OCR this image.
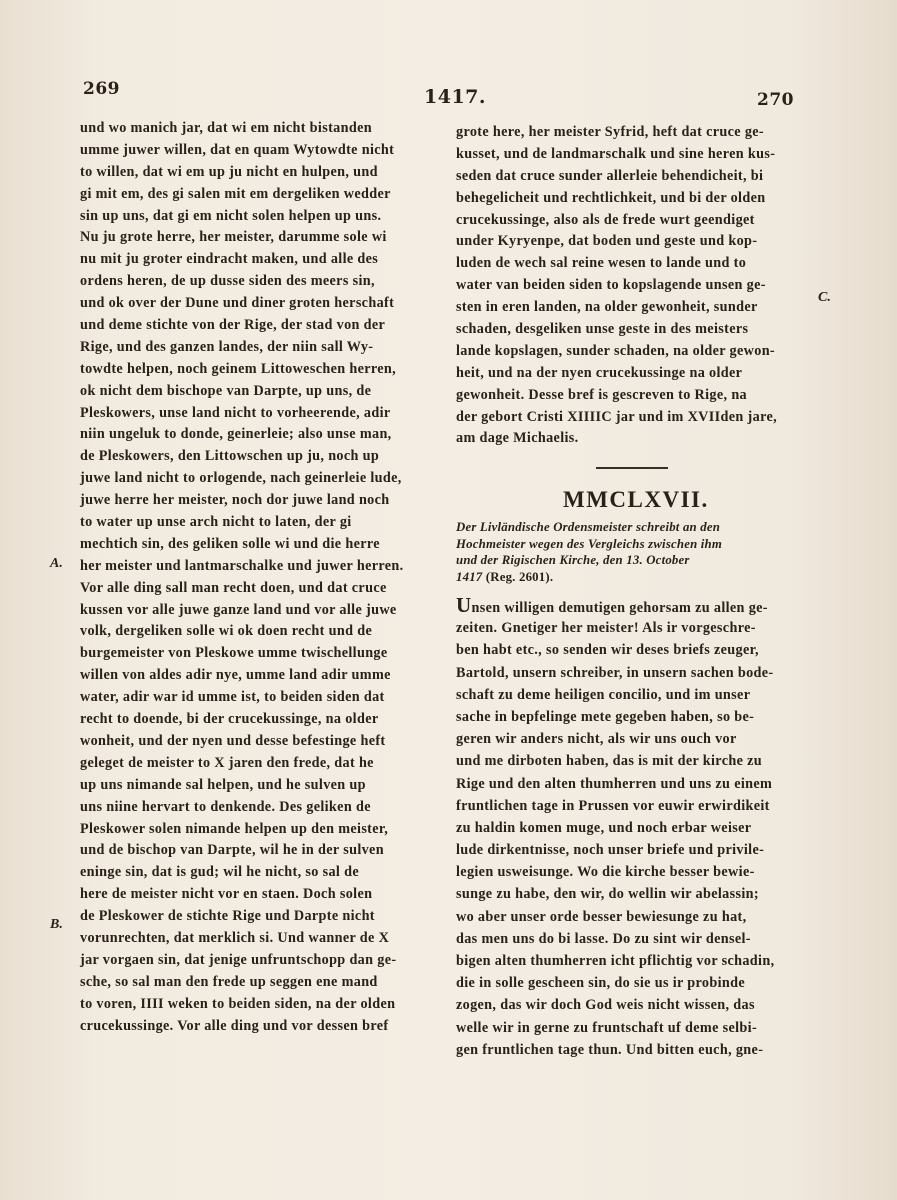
269	1417.	270
und wo manich jar, dat wi em nicht bistanden
umme juwer willen, dat en quam Wytowdte nicht
to willen, dat wi em up ju nicht en hulpen, und
gi mit em, des gi salen mit em dergeliken wedder
sin up uns, dat gi em nicht solen helpen up uns.
Nu ju grote herre, her meister, darumme sole wi
nu mit ju groter eindracht maken, und alle des
ordens heren, de up dusse siden des meers sin,
und ok over der Dune und diner groten herschaft
und deme stichte von der Rige, der stad von der
Rige, und des ganzen landes, der niin sall Wy-
towdte helpen, noch geinem Littoweschen herren,
ok nicht dem bischope van Darpte, up uns, de
Pleskowers, unse land nicht to vorheerende, adir
niin ungeluk to donde, geinerleie; also unse man,
de Pleskowers, den Littowschen up ju, noch up
juwe land nicht to orlogende, nach geinerleie lude,
juwe herre her meister, noch dor juwe land noch
to water up unse arch nicht to laten, der gi
mechtich sin, des geliken solle wi und die herre
her meister und lantmarschalke und juwer herren.
Vor alle ding sall man recht doen, und dat cruce
kussen vor alle juwe ganze land und vor alle juwe
volk, dergeliken solle wi ok doen recht und de
burgemeister von Pleskowe umme twischellunge
willen von aldes adir nye, umme land adir umme
water, adir war id umme ist, to beiden siden dat
recht to doende, bi der crucekussinge, na older
wonheit, und der nyen und desse befestinge heft
geleget de meister to X jaren den frede, dat he
up uns nimande sal helpen, und he sulven up
uns niine hervart to denkende. Des geliken de
Pleskower solen nimande helpen up den meister,
und de bischop van Darpte, wil he in der sulven
eninge sin, dat is gud; wil he nicht, so sal de
here de meister nicht vor en staen. Doch solen
de Pleskower de stichte Rige und Darpte nicht
vorunrechten, dat merklich si. Und wanner de X
jar vorgaen sin, dat jenige unfruntschopp dan ge-
sche, so sal man den frede up seggen ene mand
to voren, IIII weken to beiden siden, na der olden
crucekussinge. Vor alle ding und vor dessen bref
grote here, her meister Syfrid, heft dat cruce ge-
kusset, und de landmarschalk und sine heren kus-
seden dat cruce sunder allerleie behendicheit, bi
behegelicheit und rechtlichkeit, und bi der olden
crucekussinge, also als de frede wurt geendiget
under Kyryenpe, dat boden und geste und kop-
luden de wech sal reine wesen to lande und to
water van beiden siden to kopslagende unsen ge-
sten in eren landen, na older gewonheit, sunder
schaden, desgeliken unse geste in des meisters
lande kopslagen, sunder schaden, na older gewon-
heit, und na der nyen crucekussinge na older
gewonheit. Desse bref is gescreven to Rige, na
der gebort Cristi XIIIIC jar und im XVIIden jare,
am dage Michaelis.
MMCLXVII.
Der Livländische Ordensmeister schreibt an den
Hochmeister wegen des Vergleichs zwischen ihm
und der Rigischen Kirche, den 13. October
1417 (Reg. 2601).
Unsen willigen demutigen gehorsam zu allen ge-
zeiten. Gnetiger her meister! Als ir vorgeschre-
ben habt etc., so senden wir deses briefs zeuger,
Bartold, unsern schreiber, in unsern sachen bode-
schaft zu deme heiligen concilio, und im unser
sache in bepfelinge mete gegeben haben, so be-
geren wir anders nicht, als wir uns ouch vor
und me dirboten haben, das is mit der kirche zu
Rige und den alten thumherren und uns zu einem
fruntlichen tage in Prussen vor euwir erwirdikeit
zu haldin komen muge, und noch erbar weiser
lude dirkentnisse, noch unser briefe und privile-
legien usweisunge. Wo die kirche besser bewie-
sunge zu habe, den wir, do wellin wir abelassin;
wo aber unser orde besser bewiesunge zu hat,
das men uns do bi lasse. Do zu sint wir densel-
bigen alten thumherren icht pflichtig vor schadin,
die in solle gescheen sin, do sie us ir probinde
zogen, das wir doch God weis nicht wissen, das
welle wir in gerne zu fruntschaft uf deme selbi-
gen fruntlichen tage thun. Und bitten euch, gne-
A.
B.
C.
